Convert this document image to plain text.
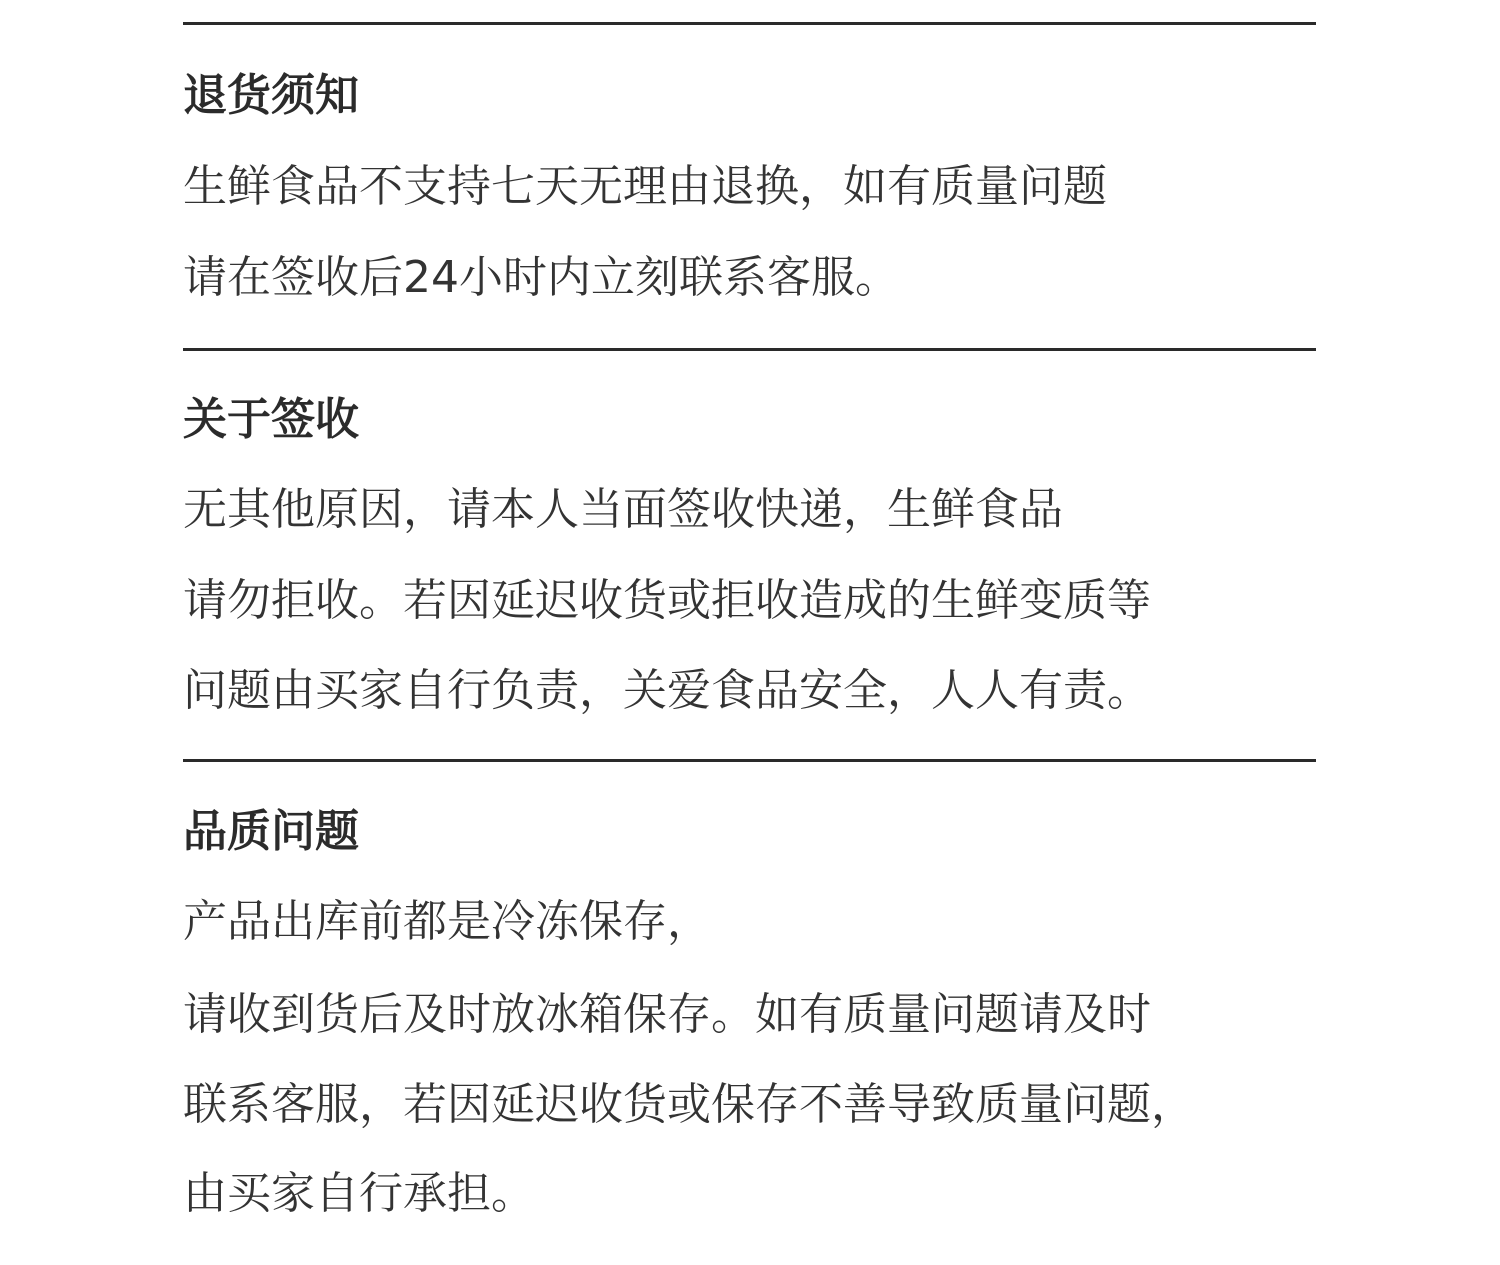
退货须知

生鲜食品不支持七天无理由退换，如有质量问题

请在签收后24小时内立刻联系客服。

关于签收

无其他原因，请本人当面签收快递，生鲜食品

请勿拒收。若因延迟收货或拒收造成的生鲜变质等

问题由买家自行负责，关爱食品安全，人人有责。

品质问题

产品出库前都是冷冻保存，

请收到货后及时放冰箱保存。如有质量问题请及时

联系客服，若因延迟收货或保存不善导致质量问题，

由买家自行承担。
